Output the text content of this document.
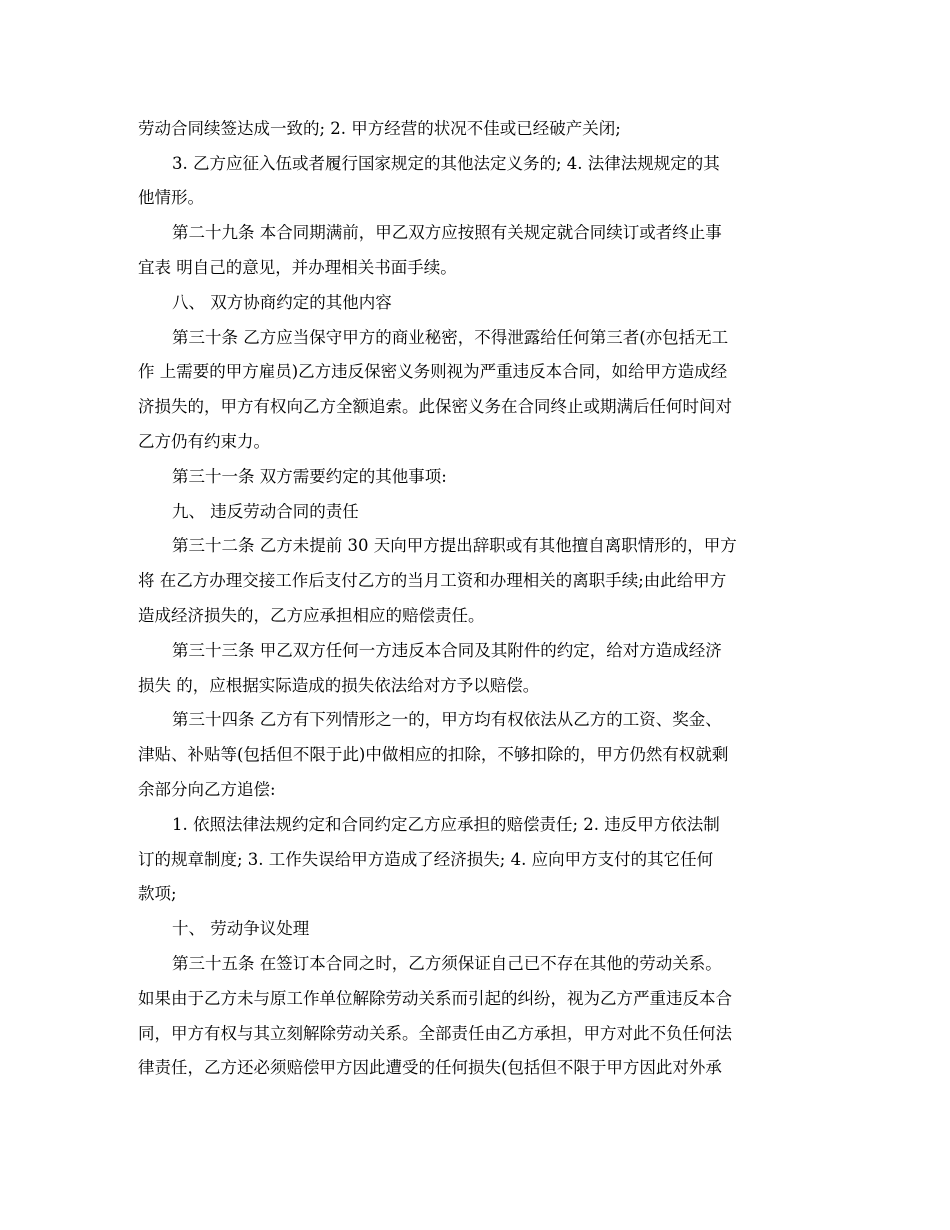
劳动合同续签达成一致的; 2. 甲方经营的状况不佳或已经破产关闭;
3. 乙方应征入伍或者履行国家规定的其他法定义务的; 4. 法律法规规定的其
他情形。
第二十九条 本合同期满前，甲乙双方应按照有关规定就合同续订或者终止事
宜表 明自己的意见，并办理相关书面手续。
八、 双方协商约定的其他内容
第三十条 乙方应当保守甲方的商业秘密，不得泄露给任何第三者(亦包括无工
作 上需要的甲方雇员)乙方违反保密义务则视为严重违反本合同，如给甲方造成经
济损失的，甲方有权向乙方全额追索。此保密义务在合同终止或期满后任何时间对
乙方仍有约束力。
第三十一条 双方需要约定的其他事项:
九、 违反劳动合同的责任
第三十二条 乙方未提前 30 天向甲方提出辞职或有其他擅自离职情形的，甲方
将 在乙方办理交接工作后支付乙方的当月工资和办理相关的离职手续;由此给甲方
造成经济损失的，乙方应承担相应的赔偿责任。
第三十三条 甲乙双方任何一方违反本合同及其附件的约定，给对方造成经济
损失 的，应根据实际造成的损失依法给对方予以赔偿。
第三十四条 乙方有下列情形之一的，甲方均有权依法从乙方的工资、奖金、
津贴、补贴等(包括但不限于此)中做相应的扣除，不够扣除的，甲方仍然有权就剩
余部分向乙方追偿:
1. 依照法律法规约定和合同约定乙方应承担的赔偿责任; 2. 违反甲方依法制
订的规章制度; 3. 工作失误给甲方造成了经济损失; 4. 应向甲方支付的其它任何
款项;
十、 劳动争议处理
第三十五条 在签订本合同之时，乙方须保证自己已不存在其他的劳动关系。
如果由于乙方未与原工作单位解除劳动关系而引起的纠纷，视为乙方严重违反本合
同，甲方有权与其立刻解除劳动关系。全部责任由乙方承担，甲方对此不负任何法
律责任，乙方还必须赔偿甲方因此遭受的任何损失(包括但不限于甲方因此对外承
